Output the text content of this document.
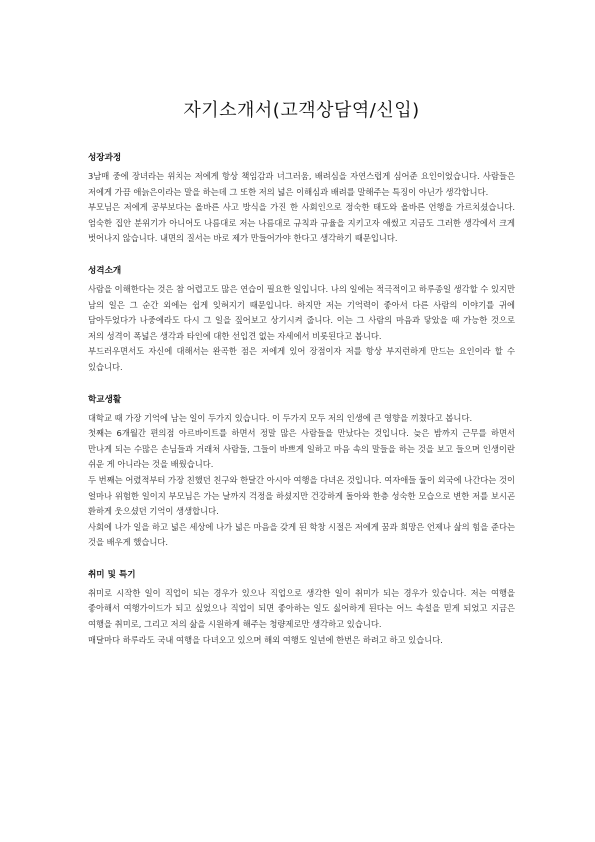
자기소개서(고객상담역/신입)
성장과정

3남매 중에 장녀라는 위치는 저에게 항상 책임감과 너그러움, 배려심을 자연스럽게 심어준 요인이었습니다. 사람들은 저에게 가끔 애늙은이라는 말을 하는데 그 또한 저의 넓은 이해심과 배려를 말해주는 특징이 아닌가 생각합니다.

부모님은 저에게 공부보다는 올바른 사고 방식을 가진 한 사회인으로 정숙한 태도와 올바른 언행을 가르치셨습니다. 엄숙한 집안 분위기가 아니어도 나름대로 저는 나름대로 규칙과 규율을 지키고자 애썼고 지금도 그러한 생각에서 크게 벗어나지 않습니다. 내면의 질서는 바로 제가 만들어가야 한다고 생각하기 때문입니다.

성격소개

사람을 이해한다는 것은 참 어렵고도 많은 연습이 필요한 일입니다. 나의 일에는 적극적이고 하루종일 생각할 수 있지만 남의 일은 그 순간 외에는 쉽게 잊혀지기 때문입니다. 하지만 저는 기억력이 좋아서 다른 사람의 이야기를 귀에 담아두었다가 나중에라도 다시 그 일을 짚어보고 상기시켜 줍니다. 이는 그 사람의 마음과 닿았을 때 가능한 것으로 저의 성격이 폭넓은 생각과 타인에 대한 선입견 없는 자세에서 비롯된다고 봅니다.

부드러우면서도 자신에 대해서는 완곡한 점은 저에게 있어 장점이자 저를 항상 부지런하게 만드는 요인이라 할 수 있습니다.

학교생활

대학교 때 가장 기억에 남는 일이 두가지 있습니다. 이 두가지 모두 저의 인생에 큰 영향을 끼쳤다고 봅니다.

첫째는 6개월간 편의점 아르바이트를 하면서 정말 많은 사람들을 만났다는 것입니다. 늦은 밤까지 근무를 하면서 만나게 되는 수많은 손님들과 거래처 사람들, 그들이 바쁘게 일하고 마음 속의 말들을 하는 것을 보고 들으며 인생이란 쉬운 게 아니라는 것을 배웠습니다.

두 번째는 어렸적부터 가장 친했던 친구와 한달간 아시아 여행을 다녀온 것입니다. 여자애들 둘이 외국에 나간다는 것이 얼마나 위험한 일이지 부모님은 가는 날까지 걱정을 하셨지만 건강하게 돌아와 한층 성숙한 모습으로 변한 저를 보시곤 환하게 웃으셨던 기억이 생생합니다.

사회에 나가 일을 하고 넓은 세상에 나가 넓은 마음을 갖게 된 학창 시절은 저에게 꿈과 희망은 언제나 삶의 힘을 준다는 것을 배우게 했습니다.

취미 및 특기

취미로 시작한 일이 직업이 되는 경우가 있으나 직업으로 생각한 일이 취미가 되는 경우가 있습니다. 저는 여행을 좋아해서 여행가이드가 되고 싶었으나 직업이 되면 좋아하는 일도 싫어하게 된다는 어느 속설을 믿게 되었고 지금은 여행을 취미로, 그리고 저의 삶을 시원하게 해주는 청량제로만 생각하고 있습니다.

매달마다 하루라도 국내 여행을 다녀오고 있으며 해외 여행도 일년에 한번은 하려고 하고 있습니다.
